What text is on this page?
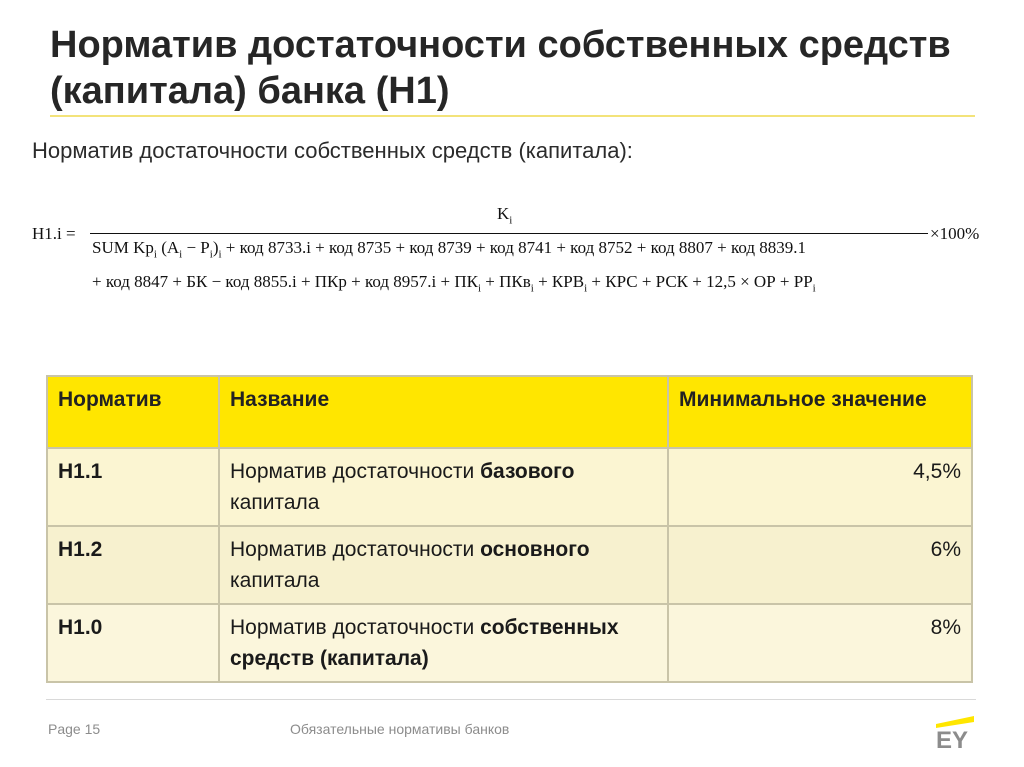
Норматив достаточности собственных средств (капитала) банка (Н1)
Норматив достаточности собственных средств (капитала):
Н1.i =
$K_i$
SUM $Kp_i$ $(A_i - P_i)_i$ + код 8733.i + код 8735 + код 8739 + код 8741 + код 8752 + код 8807 + код 8839.1
+ код 8847 + БК − код 8855.i + ПКр + код $8957.i + ПК_i + ПКв_i + КРВ_i$ + КРС + РСК + 12,5 × ОР + $РР_i$
×100%
Норматив	Название	Минимальное значение
Н1.1	Норматив достаточности базового капитала	4,5%
Н1.2	Норматив достаточности основного капитала	6%
Н1.0	Норматив достаточности собственных средств (капитала)	8%
Page 15	Обязательные нормативы банков	EY
